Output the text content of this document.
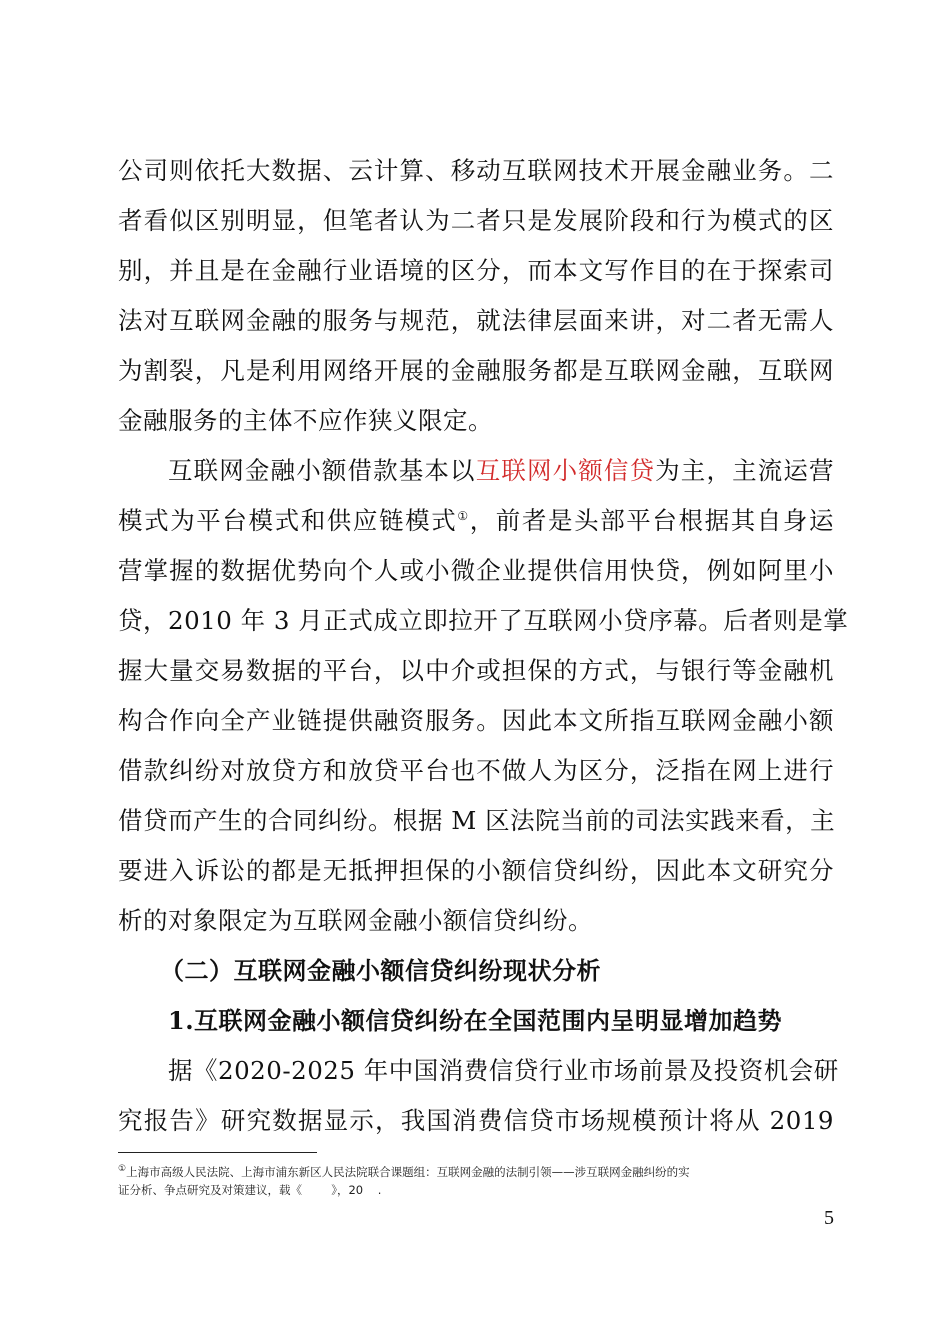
公司则依托大数据、云计算、移动互联网技术开展金融业务。二
者看似区别明显，但笔者认为二者只是发展阶段和行为模式的区
别，并且是在金融行业语境的区分，而本文写作目的在于探索司
法对互联网金融的服务与规范，就法律层面来讲，对二者无需人
为割裂，凡是利用网络开展的金融服务都是互联网金融，互联网
金融服务的主体不应作狭义限定。
互联网金融小额借款基本以互联网小额信贷为主，主流运营
模式为平台模式和供应链模式①，前者是头部平台根据其自身运
营掌握的数据优势向个人或小微企业提供信用快贷，例如阿里小
贷，2010 年 3 月正式成立即拉开了互联网小贷序幕。后者则是掌
握大量交易数据的平台，以中介或担保的方式，与银行等金融机
构合作向全产业链提供融资服务。因此本文所指互联网金融小额
借款纠纷对放贷方和放贷平台也不做人为区分，泛指在网上进行
借贷而产生的合同纠纷。根据 M 区法院当前的司法实践来看，主
要进入诉讼的都是无抵押担保的小额信贷纠纷，因此本文研究分
析的对象限定为互联网金融小额信贷纠纷。
（二）互联网金融小额信贷纠纷现状分析
1.互联网金融小额信贷纠纷在全国范围内呈明显增加趋势
据《2020-2025 年中国消费信贷行业市场前景及投资机会研
究报告》研究数据显示，我国消费信贷市场规模预计将从 2019
①上海市高级人民法院、上海市浦东新区人民法院联合课题组：互联网金融的法制引领——涉互联网金融纠纷的实
证分析、争点研究及对策建议，载《        》，20    .
5
